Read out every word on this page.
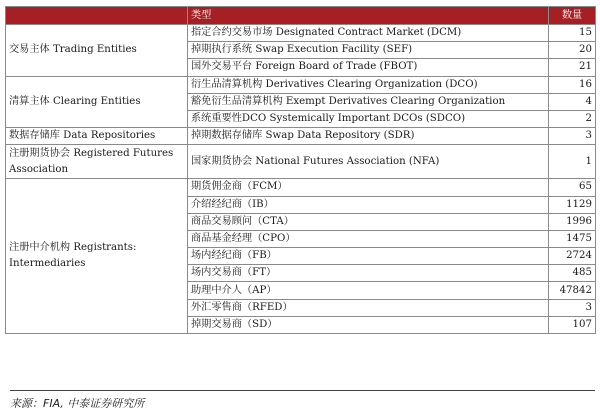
	类型	数量
交易主体 Trading Entities	指定合约交易市场 Designated Contract Market (DCM)	15
	掉期执行系统 Swap Execution Facility (SEF)	20
	国外交易平台 Foreign Board of Trade (FBOT)	21
清算主体 Clearing Entities	衍生品清算机构 Derivatives Clearing Organization (DCO)	16
	豁免衍生品清算机构 Exempt Derivatives Clearing Organization	4
	系统重要性DCO Systemically Important DCOs (SDCO)	2
数据存储库 Data Repositories	掉期数据存储库 Swap Data Repository (SDR)	3
注册期货协会 Registered Futures Association	国家期货协会 National Futures Association (NFA)	1
注册中介机构 Registrants: Intermediaries	期货佣金商（FCM）	65
	介绍经纪商（IB）	1129
	商品交易顾问（CTA）	1996
	商品基金经理（CPO）	1475
	场内经纪商（FB）	2724
	场内交易商（FT）	485
	助理中介人（AP）	47842
	外汇零售商（RFED）	3
	掉期交易商（SD）	107
来源：FIA, 中泰证券研究所
